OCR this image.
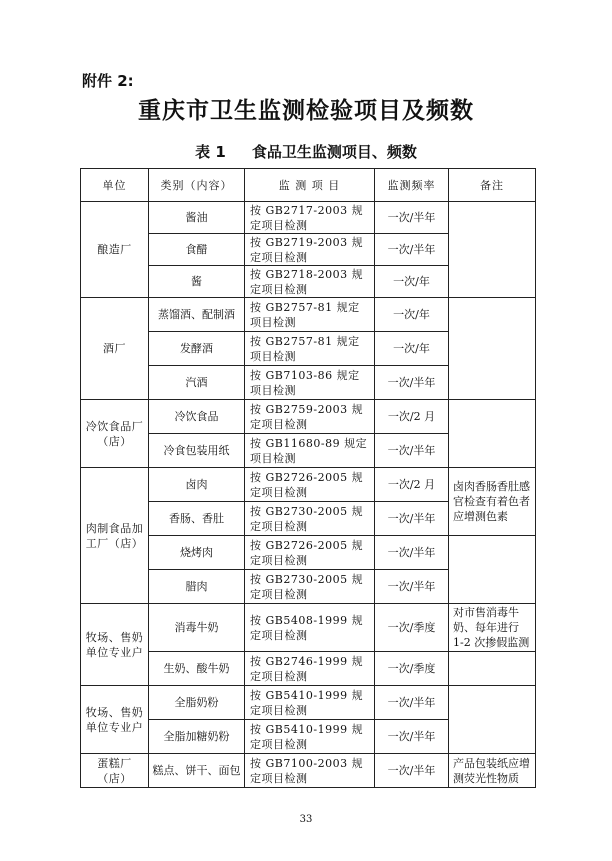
附件 2:
重庆市卫生监测检验项目及频数
表 1 食品卫生监测项目、频数
单位	类别（内容）	监 测 项 目	监测频率	备注
酿造厂	酱油	按 GB2717-2003 规定项目检测	一次/半年	
	食醋	按 GB2719-2003 规定项目检测	一次/半年	
	酱	按 GB2718-2003 规定项目检测	一次/年	
酒厂	蒸馏酒、配制酒	按 GB2757-81 规定项目检测	一次/年	
	发酵酒	按 GB2757-81 规定项目检测	一次/年	
	汽酒	按 GB7103-86 规定项目检测	一次/半年	
冷饮食品厂（店）	冷饮食品	按 GB2759-2003 规定项目检测	一次/2 月	
	冷食包装用纸	按 GB11680-89 规定项目检测	一次/半年	
肉制食品加工厂（店）	卤肉	按 GB2726-2005 规定项目检测	一次/2 月	卤肉香肠香肚感官检查有着色者应增测色素
	香肠、香肚	按 GB2730-2005 规定项目检测	一次/半年	
	烧烤肉	按 GB2726-2005 规定项目检测	一次/半年	
	腊肉	按 GB2730-2005 规定项目检测	一次/半年	
牧场、售奶单位专业户	消毒牛奶	按 GB5408-1999 规定项目检测	一次/季度	对市售消毒牛奶、每年进行 1-2 次掺假监测
	生奶、酸牛奶	按 GB2746-1999 规定项目检测	一次/季度	
牧场、售奶单位专业户	全脂奶粉	按 GB5410-1999 规定项目检测	一次/半年	
	全脂加糖奶粉	按 GB5410-1999 规定项目检测	一次/半年	
蛋糕厂（店）	糕点、饼干、面包	按 GB7100-2003 规定项目检测	一次/半年	产品包装纸应增测荧光性物质
33
